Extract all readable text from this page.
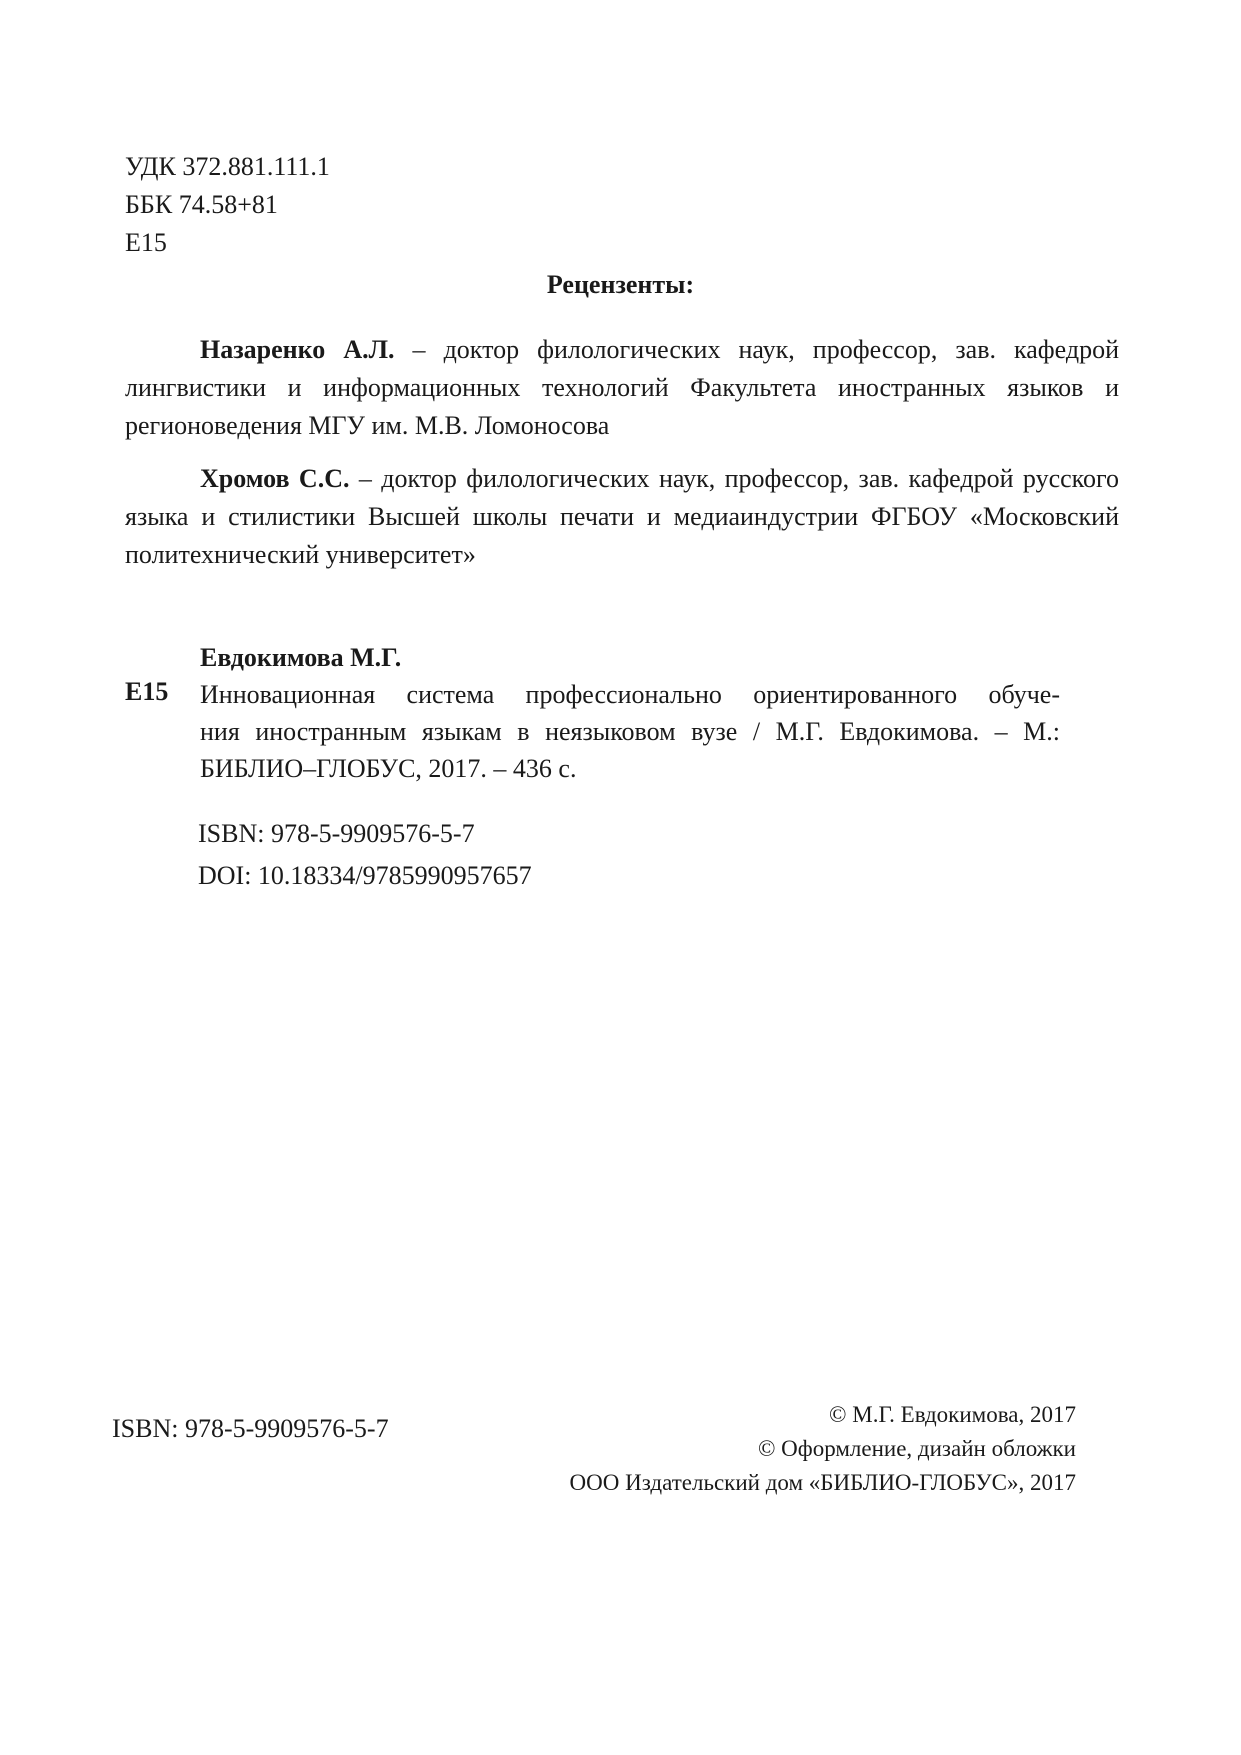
УДК 372.881.111.1
ББК 74.58+81
Е15
Рецензенты:
Назаренко А.Л. – доктор филологических наук, профессор, зав. кафедрой лингвистики и информационных технологий Факультета иностранных языков и регионоведения МГУ им. М.В. Ломоносова
Хромов С.С. – доктор филологических наук, профессор, зав. кафедрой русского языка и стилистики Высшей школы печати и медиаиндустрии ФГБОУ «Московский политехнический университет»
Евдокимова М.Г.
Е15 Инновационная система профессионально ориентированного обуче-
ния иностранным языкам в неязыковом вузе / М.Г. Евдокимова. – М.:
БИБЛИО–ГЛОБУС, 2017. – 436 с.
ISBN: 978-5-9909576-5-7
DOI: 10.18334/9785990957657
ISBN: 978-5-9909576-5-7	© М.Г. Евдокимова, 2017
© Оформление, дизайн обложки
ООО Издательский дом «БИБЛИО-ГЛОБУС», 2017
